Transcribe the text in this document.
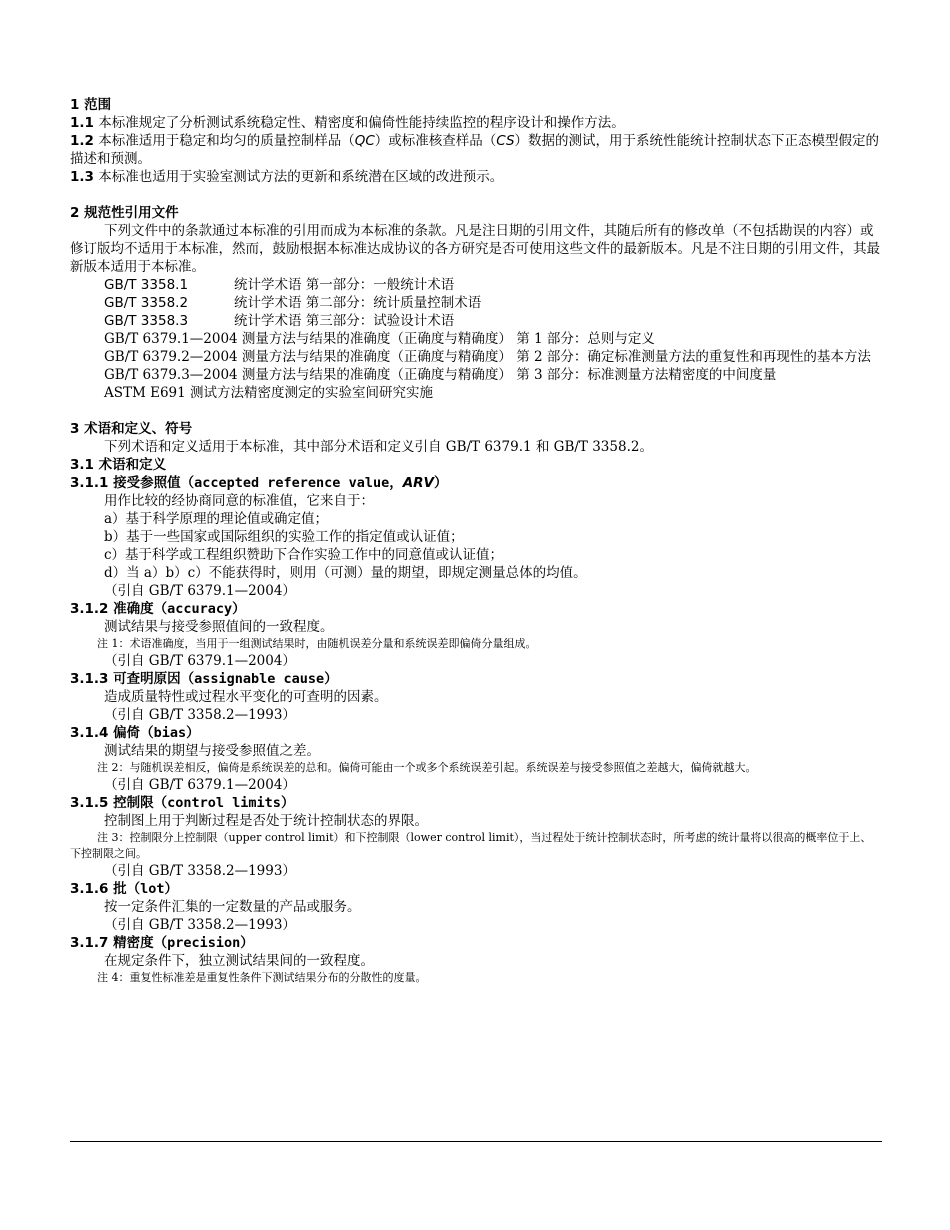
1 范围
1.1 本标准规定了分析测试系统稳定性、精密度和偏倚性能持续监控的程序设计和操作方法。
1.2 本标准适用于稳定和均匀的质量控制样品（QC）或标准核查样品（CS）数据的测试，用于系统性能统计控制状态下正态模型假定的描述和预测。
1.3 本标准也适用于实验室测试方法的更新和系统潜在区域的改进预示。
2 规范性引用文件
下列文件中的条款通过本标准的引用而成为本标准的条款。凡是注日期的引用文件，其随后所有的修改单（不包括勘误的内容）或修订版均不适用于本标准，然而，鼓励根据本标准达成协议的各方研究是否可使用这些文件的最新版本。凡是不注日期的引用文件，其最新版本适用于本标准。
GB/T 3358.1	统计学术语 第一部分：一般统计术语
GB/T 3358.2	统计学术语 第二部分：统计质量控制术语
GB/T 3358.3	统计学术语 第三部分：试验设计术语
GB/T 6379.1—2004 测量方法与结果的准确度（正确度与精确度） 第 1 部分：总则与定义
GB/T 6379.2—2004 测量方法与结果的准确度（正确度与精确度） 第 2 部分：确定标准测量方法的重复性和再现性的基本方法
GB/T 6379.3—2004 测量方法与结果的准确度（正确度与精确度） 第 3 部分：标准测量方法精密度的中间度量
ASTM E691 测试方法精密度测定的实验室间研究实施
3 术语和定义、符号
下列术语和定义适用于本标准，其中部分术语和定义引自 GB/T 6379.1 和 GB/T 3358.2。
3.1 术语和定义
3.1.1 接受参照值（accepted reference value，ARV）
用作比较的经协商同意的标准值，它来自于：
a）基于科学原理的理论值或确定值；
b）基于一些国家或国际组织的实验工作的指定值或认证值；
c）基于科学或工程组织赞助下合作实验工作中的同意值或认证值；
d）当 a）b）c）不能获得时，则用（可测）量的期望，即规定测量总体的均值。
（引自 GB/T 6379.1—2004）
3.1.2 准确度（accuracy）
测试结果与接受参照值间的一致程度。
注 1：术语准确度，当用于一组测试结果时，由随机误差分量和系统误差即偏倚分量组成。
（引自 GB/T 6379.1—2004）
3.1.3 可查明原因（assignable cause）
造成质量特性或过程水平变化的可查明的因素。
（引自 GB/T 3358.2—1993）
3.1.4 偏倚（bias）
测试结果的期望与接受参照值之差。
注 2：与随机误差相反，偏倚是系统误差的总和。偏倚可能由一个或多个系统误差引起。系统误差与接受参照值之差越大，偏倚就越大。
（引自 GB/T 6379.1—2004）
3.1.5 控制限（control limits）
控制图上用于判断过程是否处于统计控制状态的界限。
注 3：控制限分上控制限（upper control limit）和下控制限（lower control limit），当过程处于统计控制状态时，所考虑的统计量将以很高的概率位于上、下控制限之间。
（引自 GB/T 3358.2—1993）
3.1.6 批（lot）
按一定条件汇集的一定数量的产品或服务。
（引自 GB/T 3358.2—1993）
3.1.7 精密度（precision）
在规定条件下，独立测试结果间的一致程度。
注 4：重复性标准差是重复性条件下测试结果分布的分散性的度量。
